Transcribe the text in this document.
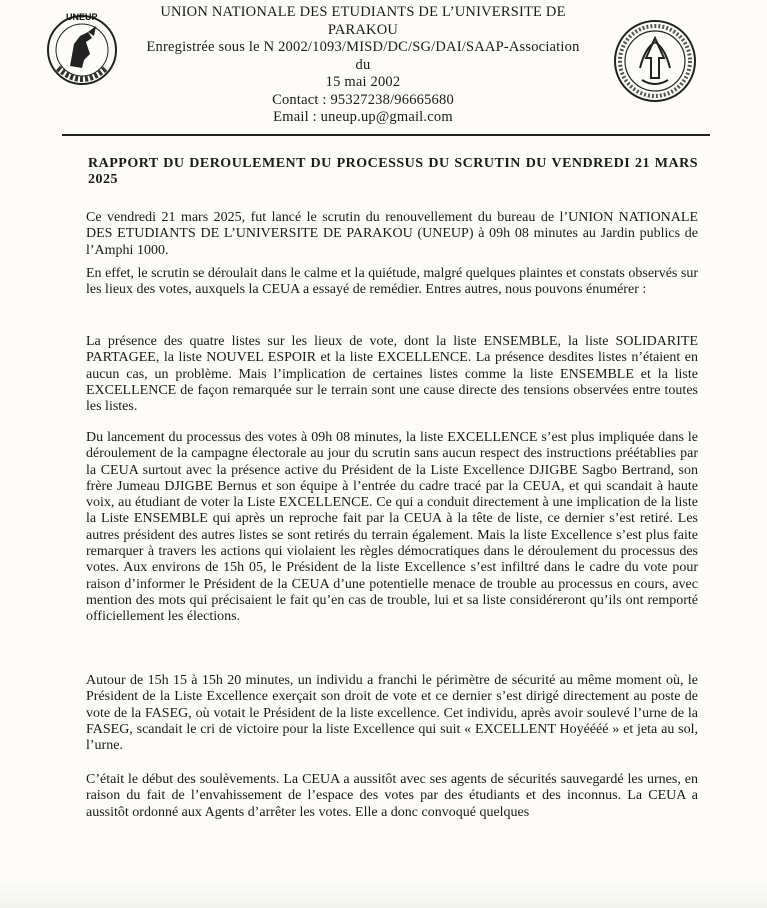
UNEUP	UNION NATIONALE DES ETUDIANTS DE L’UNIVERSITE DE
PARAKOU
Enregistrée sous le N 2002/1093/MISD/DC/SG/DAI/SAAP-Association
du
15 mai 2002
Contact : 95327238/96665680
Email : uneup.up@gmail.com
RAPPORT DU DEROULEMENT DU PROCESSUS DU SCRUTIN DU VENDREDI 21 MARS 2025
Ce vendredi 21 mars 2025, fut lancé le scrutin du renouvellement du bureau de l’UNION NATIONALE DES ETUDIANTS DE L’UNIVERSITE DE PARAKOU (UNEUP) à 09h 08 minutes au Jardin publics de l’Amphi 1000.
En effet, le scrutin se déroulait dans le calme et la quiétude, malgré quelques plaintes et constats observés sur les lieux des votes, auxquels la CEUA a essayé de remédier. Entres autres, nous pouvons énumérer :
La présence des quatre listes sur les lieux de vote, dont la liste ENSEMBLE, la liste SOLIDARITE PARTAGEE, la liste NOUVEL ESPOIR et la liste EXCELLENCE. La présence desdites listes n’étaient en aucun cas, un problème. Mais l’implication de certaines listes comme la liste ENSEMBLE et la liste EXCELLENCE de façon remarquée sur le terrain sont une cause directe des tensions observées entre toutes les listes.
Du lancement du processus des votes à 09h 08 minutes, la liste EXCELLENCE s’est plus impliquée dans le déroulement de la campagne électorale au jour du scrutin sans aucun respect des instructions préétablies par la CEUA surtout avec la présence active du Président de la Liste Excellence DJIGBE Sagbo Bertrand, son frère Jumeau DJIGBE Bernus et son équipe à l’entrée du cadre tracé par la CEUA, et qui scandait à haute voix, au étudiant de voter la Liste EXCELLENCE. Ce qui a conduit directement à une implication de la liste la Liste ENSEMBLE qui après un reproche fait par la CEUA à la tête de liste, ce dernier s’est retiré. Les autres président des autres listes se sont retirés du terrain également. Mais la liste Excellence s’est plus faite remarquer à travers les actions qui violaient les règles démocratiques dans le déroulement du processus des votes. Aux environs de 15h 05, le Président de la liste Excellence s’est infiltré dans le cadre du vote pour raison d’informer le Président de la CEUA d’une potentielle menace de trouble au processus en cours, avec mention des mots qui précisaient le fait qu’en cas de trouble, lui et sa liste considéreront qu’ils ont remporté officiellement les élections.
Autour de 15h 15 à 15h 20 minutes, un individu a franchi le périmètre de sécurité au même moment où, le Président de la Liste Excellence exerçait son droit de vote et ce dernier s’est dirigé directement au poste de vote de la FASEG, où votait le Président de la liste excellence. Cet individu, après avoir soulevé l’urne de la FASEG, scandait le cri de victoire pour la liste Excellence qui suit « EXCELLENT Hoyéééé » et jeta au sol, l’urne.
C’était le début des soulèvements. La CEUA a aussitôt avec ses agents de sécurités sauvegardé les urnes, en raison du fait de l’envahissement de l’espace des votes par des étudiants et des inconnus. La CEUA a aussitôt ordonné aux Agents d’arrêter les votes. Elle a donc convoqué quelques
